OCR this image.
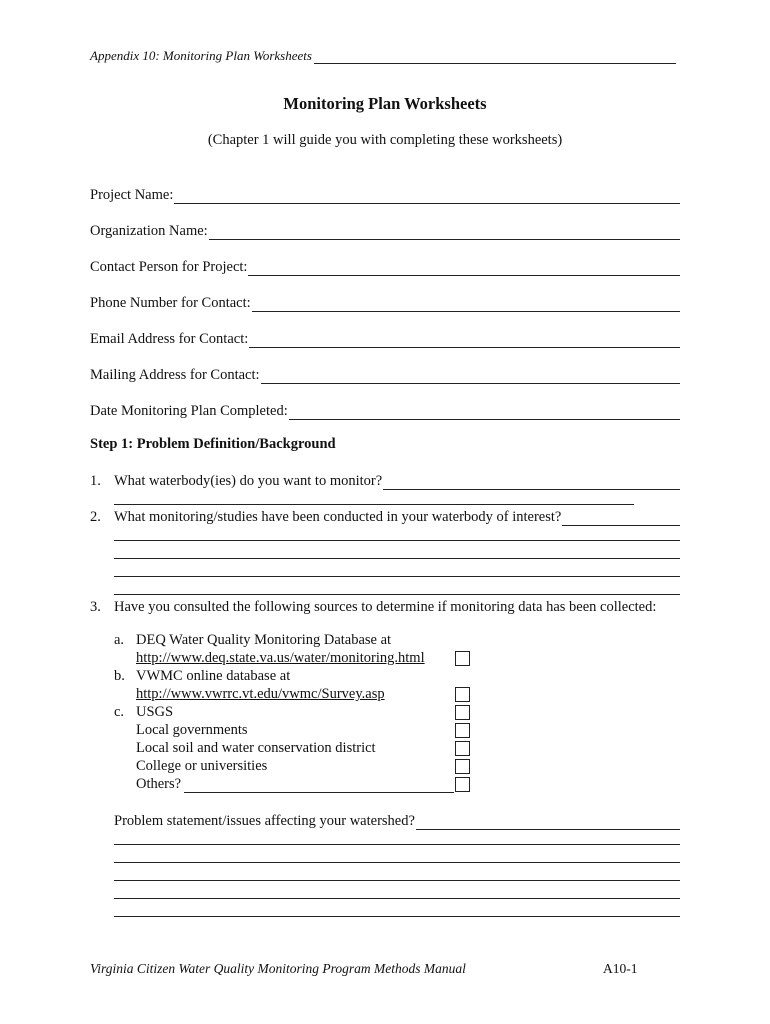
Appendix 10: Monitoring Plan Worksheets
Monitoring Plan Worksheets
(Chapter 1 will guide you with completing these worksheets)
Project Name:
Organization Name:
Contact Person for Project:
Phone Number for Contact:
Email Address for Contact:
Mailing Address for Contact:
Date Monitoring Plan Completed:
Step 1: Problem Definition/Background
1. What waterbody(ies) do you want to monitor?
2. What monitoring/studies have been conducted in your waterbody of interest?
3. Have you consulted the following sources to determine if monitoring data has been collected:
a. DEQ Water Quality Monitoring Database at
http://www.deq.state.va.us/water/monitoring.html
b. VWMC online database at
http://www.vwrrc.vt.edu/vwmc/Survey.asp
c. USGS
Local governments
Local soil and water conservation district
College or universities
Others?
Problem statement/issues affecting your watershed?
Virginia Citizen Water Quality Monitoring Program Methods Manual	A10-1
